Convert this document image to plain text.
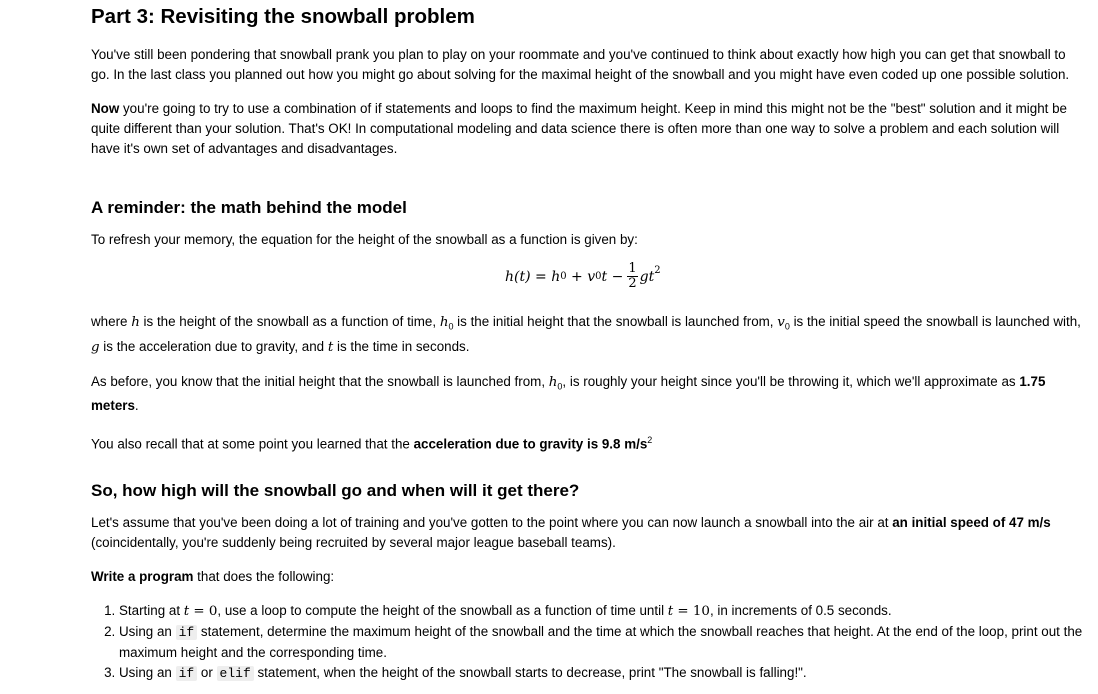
Part 3: Revisiting the snowball problem

You've still been pondering that snowball prank you plan to play on your roommate and you've continued to think about exactly how high you can get that snowball to go. In the last class you planned out how you might go about solving for the maximal height of the snowball and you might have even coded up one possible solution.

Now you're going to try to use a combination of if statements and loops to find the maximum height. Keep in mind this might not be the "best" solution and it might be quite different than your solution. That's OK! In computational modeling and data science there is often more than one way to solve a problem and each solution will have it's own set of advantages and disadvantages.

A reminder: the math behind the model

To refresh your memory, the equation for the height of the snowball as a function is given by:

h(t) = h 0 + v 0 $t - \frac{1}{2} gt^2$

where h is the height of the snowball as a function of time, $h_0$ is the initial height that the snowball is launched from, $v_0$ is the initial speed the snowball is launched with, g is the acceleration due to gravity, and t is the time in seconds.

As before, you know that the initial height that the snowball is launched from, $h_0$, is roughly your height since you'll be throwing it, which we'll approximate as 1.75 meters.

You also recall that at some point you learned that the acceleration due to gravity is 9.8 $m/s^2$

So, how high will the snowball go and when will it get there?

Let's assume that you've been doing a lot of training and you've gotten to the point where you can now launch a snowball into the air at an initial speed of 47 m/s (coincidentally, you're suddenly being recruited by several major league baseball teams).

Write a program that does the following:

1. Starting at t = 0, use a loop to compute the height of the snowball as a function of time until t = 10, in increments of 0.5 seconds.
2. Using an if statement, determine the maximum height of the snowball and the time at which the snowball reaches that height. At the end of the loop, print out the maximum height and the corresponding time.
3. Using an if or elif statement, when the height of the snowball starts to decrease, print "The snowball is falling!".
